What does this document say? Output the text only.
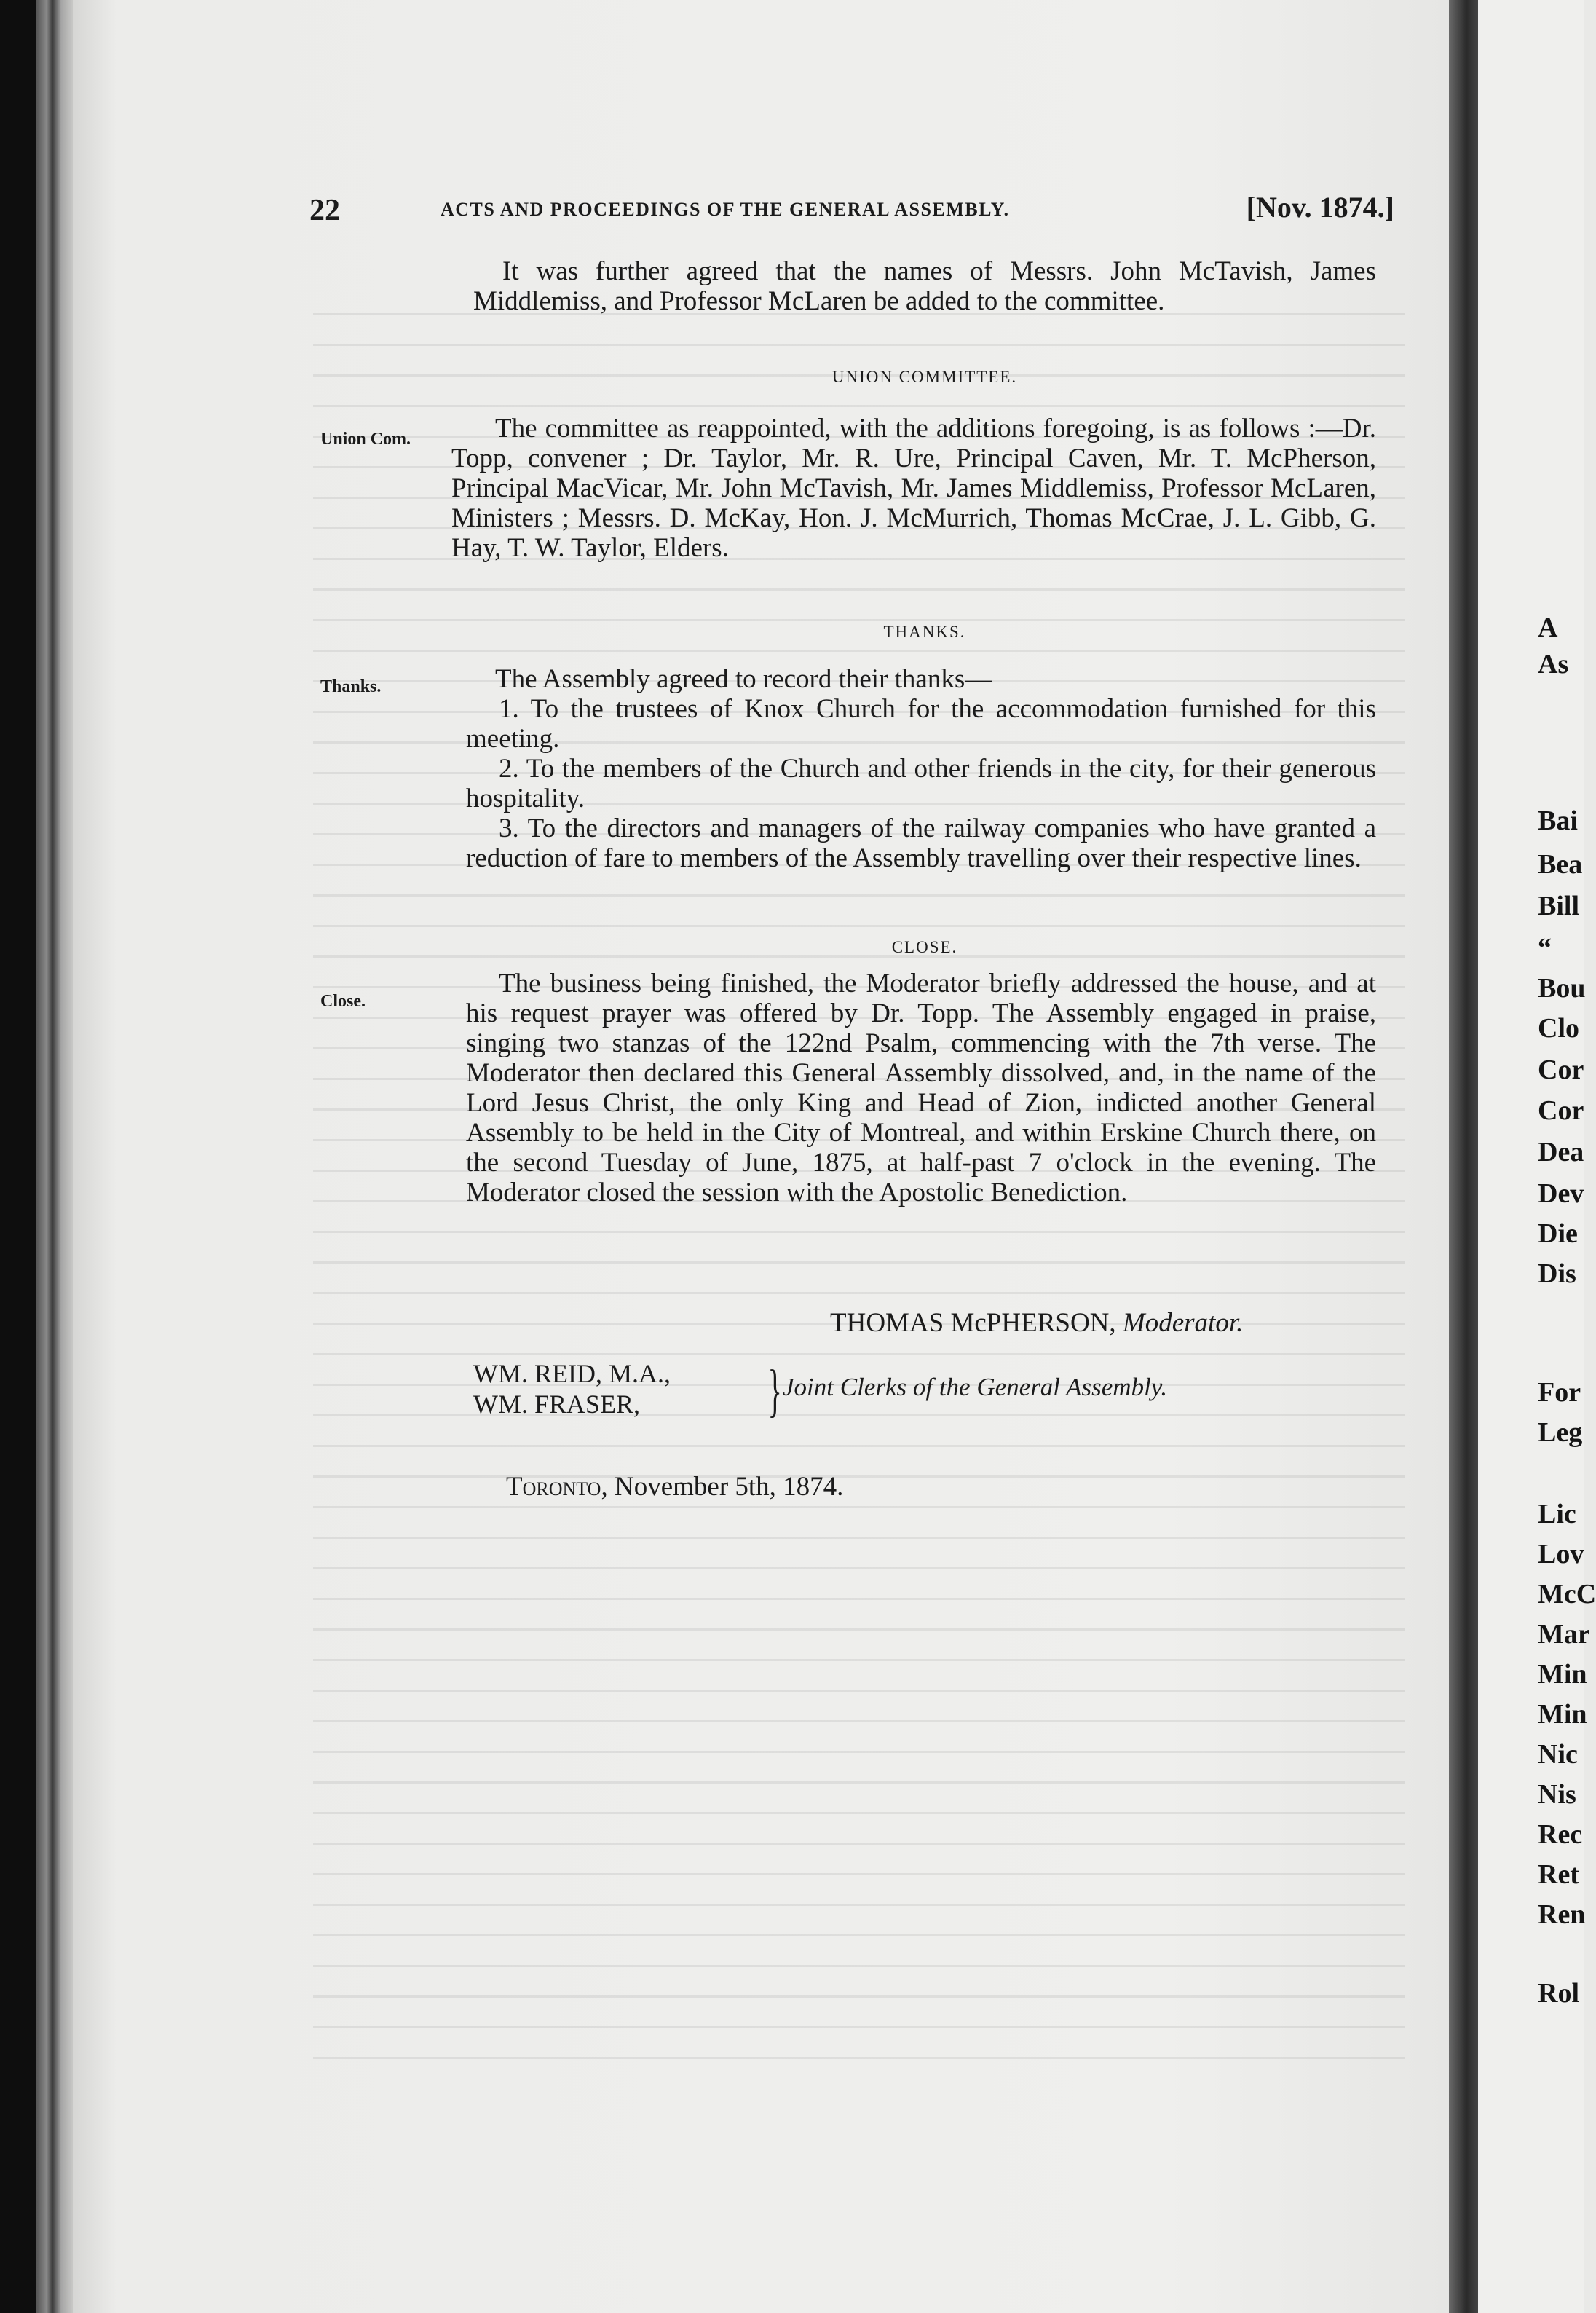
A
As
Bai
Bea
Bill
“
Bou
Clo
Cor
Cor
Dea
Dev
Die
Dis
For
Leg
Lic
Lov
McC
Mar
Min
Min
Nic
Nis
Rec
Ret
Ren
Rol
22	ACTS AND PROCEEDINGS OF THE GENERAL ASSEMBLY.	[Nov. 1874.]
It was further agreed that the names of Messrs. John McTavish, James Middlemiss, and Professor McLaren be added to the committee.
UNION COMMITTEE.
Union Com.	The committee as reappointed, with the additions foregoing, is as follows :—Dr. Topp, convener ; Dr. Taylor, Mr. R. Ure, Principal Caven, Mr. T. McPherson, Principal MacVicar, Mr. John McTavish, Mr. James Middlemiss, Professor McLaren, Ministers ; Messrs. D. McKay, Hon. J. McMurrich, Thomas McCrae, J. L. Gibb, G. Hay, T. W. Taylor, Elders.
THANKS.
Thanks.	The Assembly agreed to record their thanks—
1. To the trustees of Knox Church for the accommodation furnished for this meeting.
2. To the members of the Church and other friends in the city, for their generous hospitality.
3. To the directors and managers of the railway companies who have granted a reduction of fare to members of the Assembly travelling over their respective lines.
CLOSE.
Close.
The business being finished, the Moderator briefly addressed the house, and at his request prayer was offered by Dr. Topp. The Assembly engaged in praise, singing two stanzas of the 122nd Psalm, commencing with the 7th verse. The Moderator then declared this General Assembly dissolved, and, in the name of the Lord Jesus Christ, the only King and Head of Zion, indicted another General Assembly to be held in the City of Montreal, and within Erskine Church there, on the second Tuesday of June, 1875, at half-past 7 o'clock in the evening. The Moderator closed the session with the Apostolic Benediction.
THOMAS McPHERSON, Moderator.
WM. REID, M.A.,
WM. FRASER, } Joint Clerks of the General Assembly.
Toronto, November 5th, 1874.
